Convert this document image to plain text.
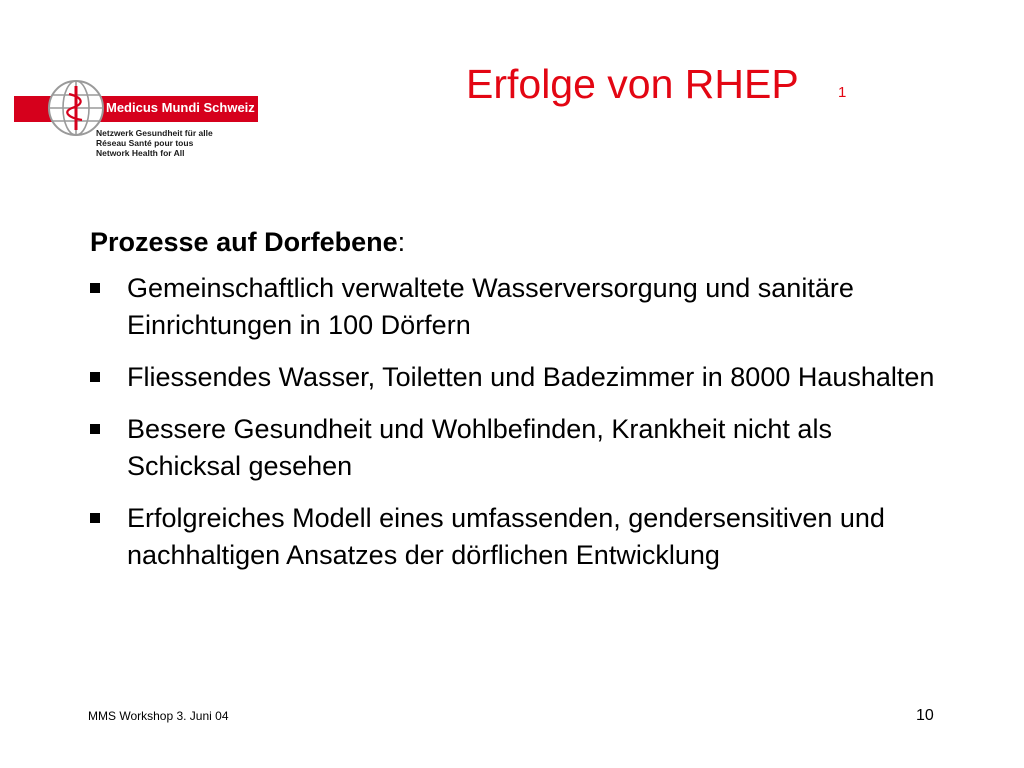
Medicus Mundi Schweiz
Netzwerk Gesundheit für alle
Réseau Santé pour tous
Network Health for All
Erfolge von RHEP	1
Prozesse auf Dorfebene:
Gemeinschaftlich verwaltete Wasserversorgung und sanitäre Einrichtungen in 100 Dörfern
Fliessendes Wasser, Toiletten und Badezimmer in 8000 Haushalten
Bessere Gesundheit und Wohlbefinden, Krankheit nicht als Schicksal gesehen
Erfolgreiches Modell eines umfassenden, gendersensitiven und nachhaltigen Ansatzes der dörflichen Entwicklung
MMS Workshop 3. Juni 04	10
